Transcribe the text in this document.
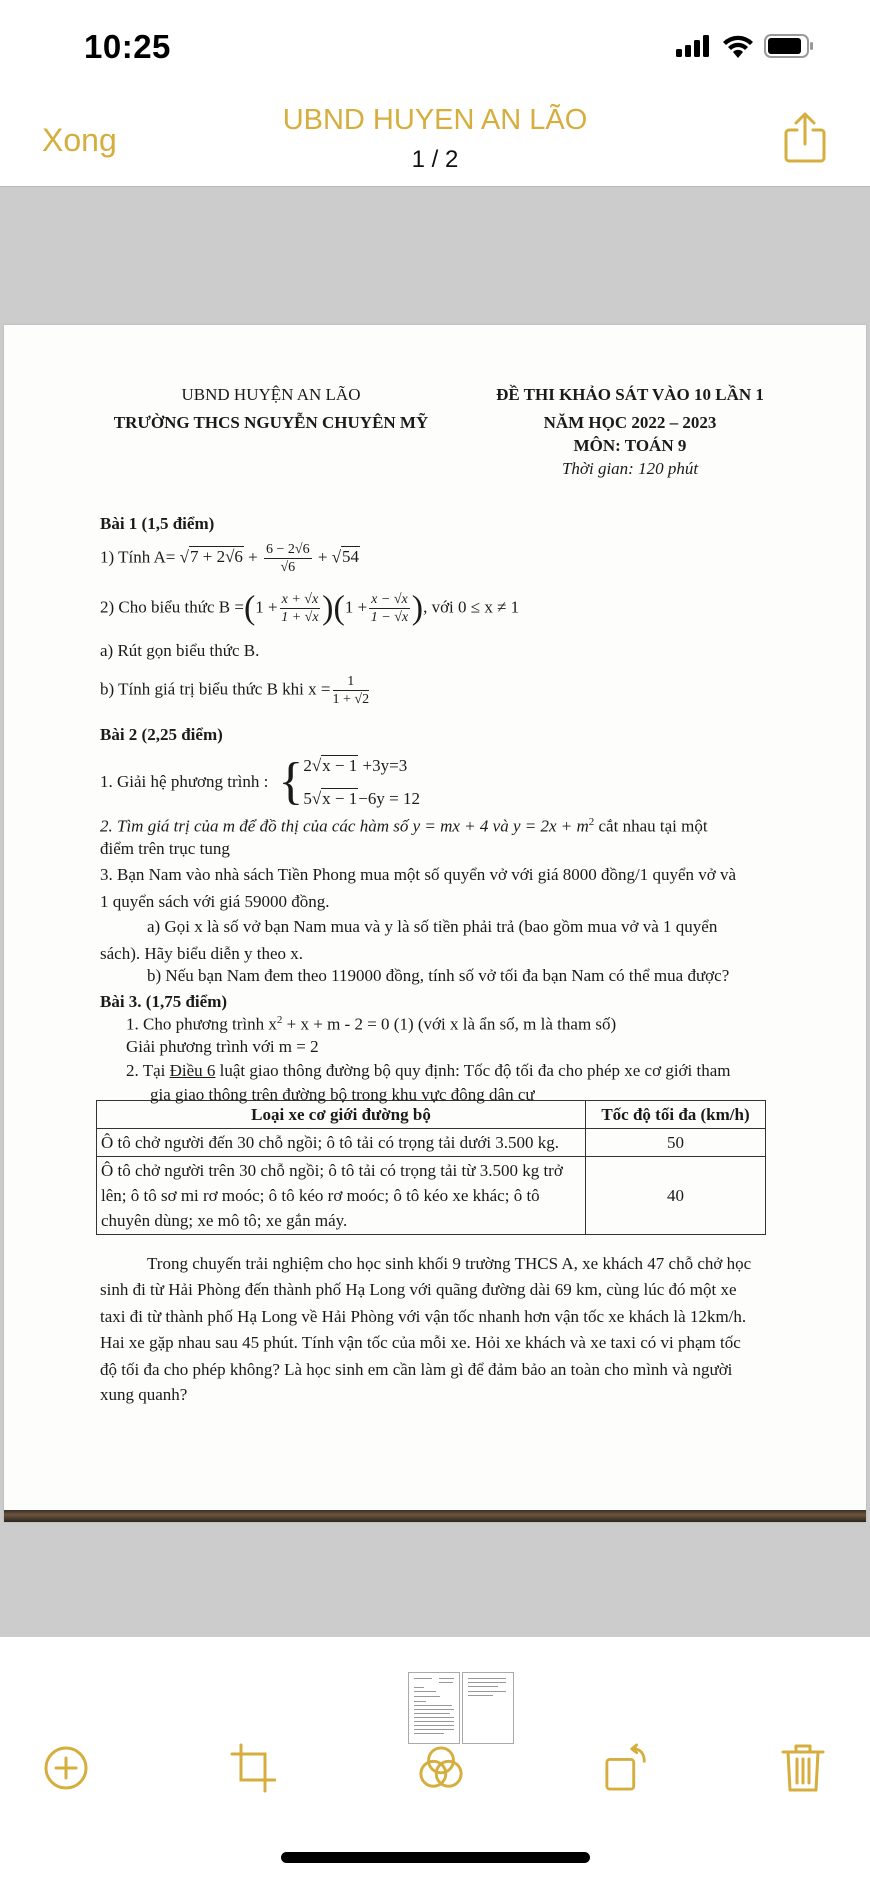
10:25
Xong
UBND HUYEN AN LÃO
1 / 2
UBND HUYỆN AN LÃO
TRƯỜNG THCS NGUYỄN CHUYÊN MỸ
ĐỀ THI KHẢO SÁT VÀO 10 LẦN 1
NĂM HỌC 2022 – 2023
MÔN: TOÁN 9
Thời gian: 120 phút
Bài 1 (1,5 điểm)
1) Tính $A= √7 + 2√6 + \frac{6 - 2√6}{√6} + √54$
2) Cho biểu thức $B =(1 + \frac{x + √x}{1 + √x} )(1 + \frac{x - √x}{1 - √x}$ ), với 0 ≤ x ≠ 1
a) Rút gọn biểu thức B.
b) Tính giá trị biểu thức B khi $x = \frac{1}{1 + √2}$
Bài 2 (2,25 điểm)
1. Giải hệ phương trình : { 2√x − 1 +3y=3
5√x − 1−6y = 12
2. Tìm giá trị của m để đồ thị của các hàm số y = mx + 4 và $y = 2x + m^2$ cắt nhau tại một
điểm trên trục tung
3. Bạn Nam vào nhà sách Tiền Phong mua một số quyển vở với giá 8000 đồng/1 quyển vở và
1 quyển sách với giá 59000 đồng.
a) Gọi x là số vở bạn Nam mua và y là số tiền phải trả (bao gồm mua vở và 1 quyển
sách). Hãy biểu diễn y theo x.
b) Nếu bạn Nam đem theo 119000 đồng, tính số vở tối đa bạn Nam có thể mua được?
Bài 3. (1,75 điểm)
1. Cho phương trình $x^2 + x + m - 2 = 0$ (1) (với x là ẩn số, m là tham số)
Giải phương trình với m = 2
2. Tại Điều 6 luật giao thông đường bộ quy định: Tốc độ tối đa cho phép xe cơ giới tham
gia giao thông trên đường bộ trong khu vực đông dân cư
Loại xe cơ giới đường bộ	Tốc độ tối đa (km/h)
Ô tô chở người đến 30 chỗ ngồi; ô tô tải có trọng tải dưới 3.500 kg.	50
Ô tô chở người trên 30 chỗ ngồi; ô tô tải có trọng tải từ 3.500 kg trở lên; ô tô sơ mi rơ moóc; ô tô kéo rơ moóc; ô tô kéo xe khác; ô tô chuyên dùng; xe mô tô; xe gắn máy.	40
Trong chuyến trải nghiệm cho học sinh khối 9 trường THCS A, xe khách 47 chỗ chở học
sinh đi từ Hải Phòng đến thành phố Hạ Long với quãng đường dài 69 km, cùng lúc đó một xe
taxi đi từ thành phố Hạ Long về Hải Phòng với vận tốc nhanh hơn vận tốc xe khách là 12km/h.
Hai xe gặp nhau sau 45 phút. Tính vận tốc của mỗi xe. Hỏi xe khách và xe taxi có vi phạm tốc
độ tối đa cho phép không? Là học sinh em cần làm gì để đảm bảo an toàn cho mình và người
xung quanh?
